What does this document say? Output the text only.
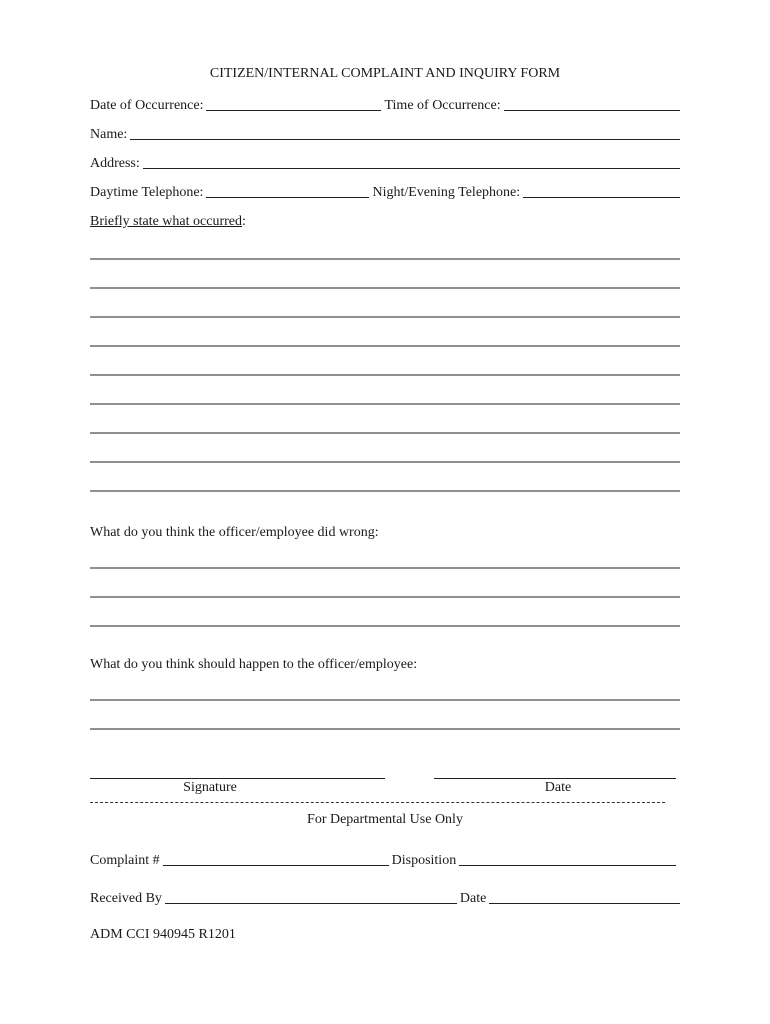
CITIZEN/INTERNAL COMPLAINT AND INQUIRY FORM
Date of Occurrence:	Time of Occurrence:
Name:
Address:
Daytime Telephone:	Night/Evening Telephone:
Briefly state what occurred:
What do you think the officer/employee did wrong:
What do you think should happen to the officer/employee:
Signature	Date
For Departmental Use Only
Complaint #	Disposition
Received By	Date
ADM CCI 940945 R1201
